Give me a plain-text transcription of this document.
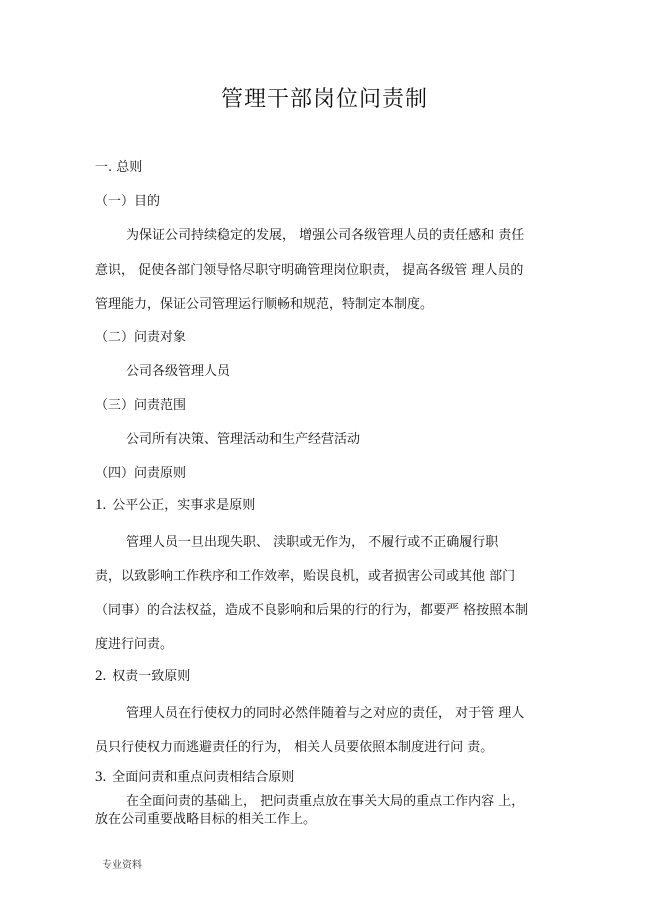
管理干部岗位问责制
一. 总则
（一）目的
为保证公司持续稳定的发展， 增强公司各级管理人员的责任感和 责任
意识， 促使各部门领导恪尽职守明确管理岗位职责， 提高各级管 理人员的
管理能力，保证公司管理运行顺畅和规范，特制定本制度。
（二）问责对象
公司各级管理人员
（三）问责范围
公司所有决策、管理活动和生产经营活动
（四）问责原则
1. 公平公正，实事求是原则
管理人员一旦出现失职、 渎职或无作为， 不履行或不正确履行职
责，以致影响工作秩序和工作效率，贻误良机，或者损害公司或其他 部门
（同事）的合法权益，造成不良影响和后果的行的行为，都要严 格按照本制
度进行问责。
2. 权责一致原则
管理人员在行使权力的同时必然伴随着与之对应的责任， 对于管 理人
员只行使权力而逃避责任的行为， 相关人员要依照本制度进行问 责。
3. 全面问责和重点问责相结合原则
在全面问责的基础上， 把问责重点放在事关大局的重点工作内容 上，
放在公司重要战略目标的相关工作上。
专业资料
